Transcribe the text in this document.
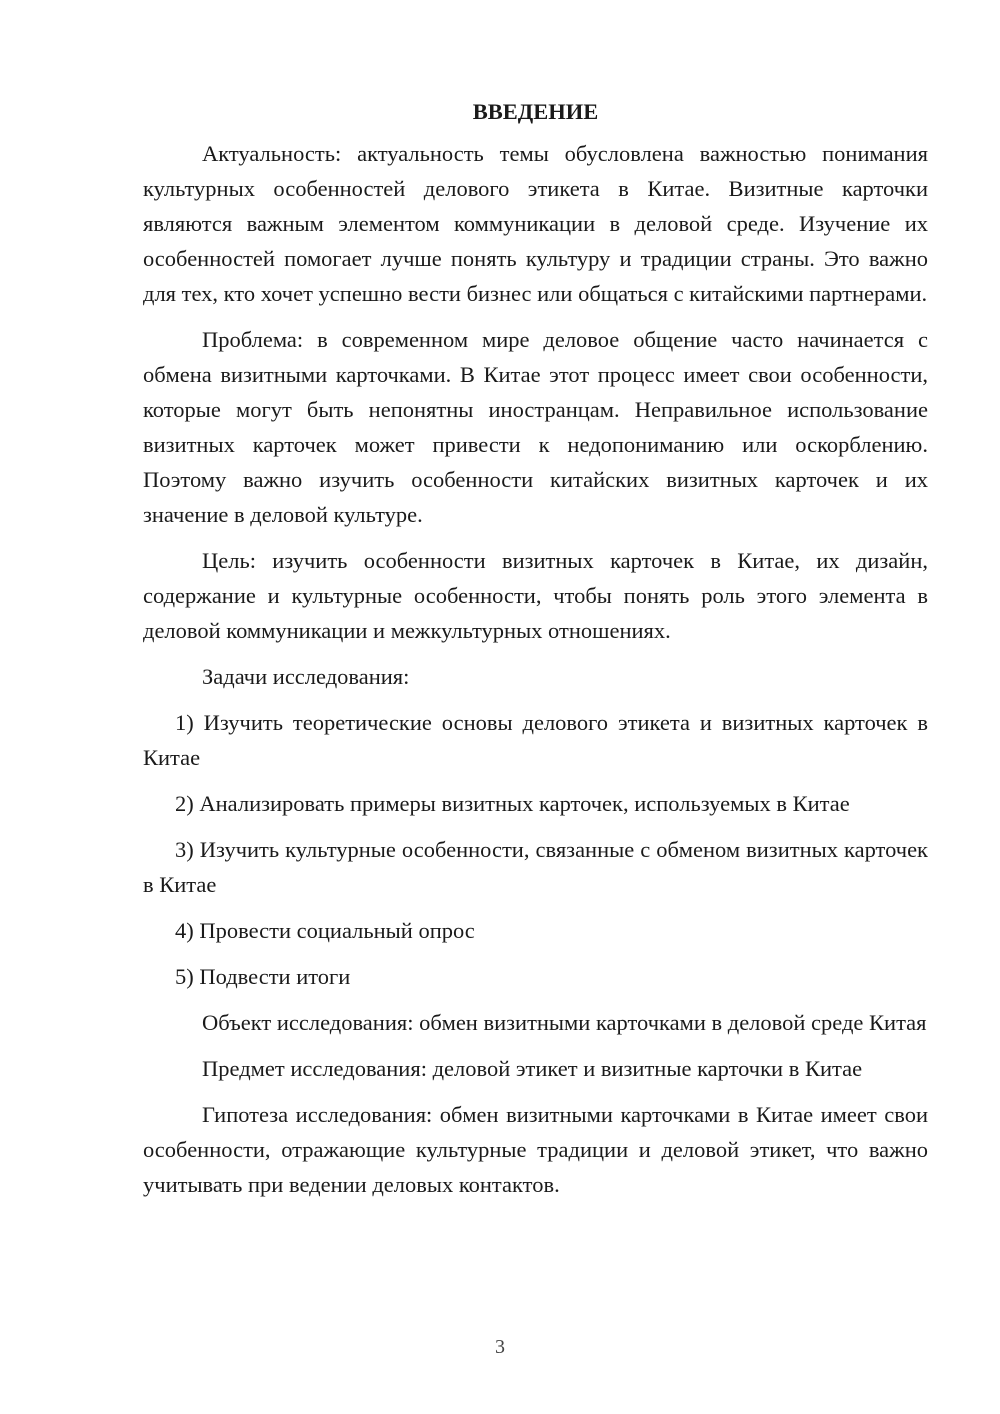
ВВЕДЕНИЕ

Актуальность: актуальность темы обусловлена важностью понимания культурных особенностей делового этикета в Китае. Визитные карточки являются важным элементом коммуникации в деловой среде. Изучение их особенностей помогает лучше понять культуру и традиции страны. Это важно для тех, кто хочет успешно вести бизнес или общаться с китайскими партнерами.

Проблема: в современном мире деловое общение часто начинается с обмена визитными карточками. В Китае этот процесс имеет свои особенности, которые могут быть непонятны иностранцам. Неправильное использование визитных карточек может привести к недопониманию или оскорблению. Поэтому важно изучить особенности китайских визитных карточек и их значение в деловой культуре.

Цель: изучить особенности визитных карточек в Китае, их дизайн, содержание и культурные особенности, чтобы понять роль этого элемента в деловой коммуникации и межкультурных отношениях.

Задачи исследования:

1) Изучить теоретические основы делового этикета и визитных карточек в Китае

2) Анализировать примеры визитных карточек, используемых в Китае

3) Изучить культурные особенности, связанные с обменом визитных карточек в Китае

4) Провести социальный опрос

5) Подвести итоги

Объект исследования: обмен визитными карточками в деловой среде Китая

Предмет исследования: деловой этикет и визитные карточки в Китае

Гипотеза исследования: обмен визитными карточками в Китае имеет свои особенности, отражающие культурные традиции и деловой этикет, что важно учитывать при ведении деловых контактов.

3
